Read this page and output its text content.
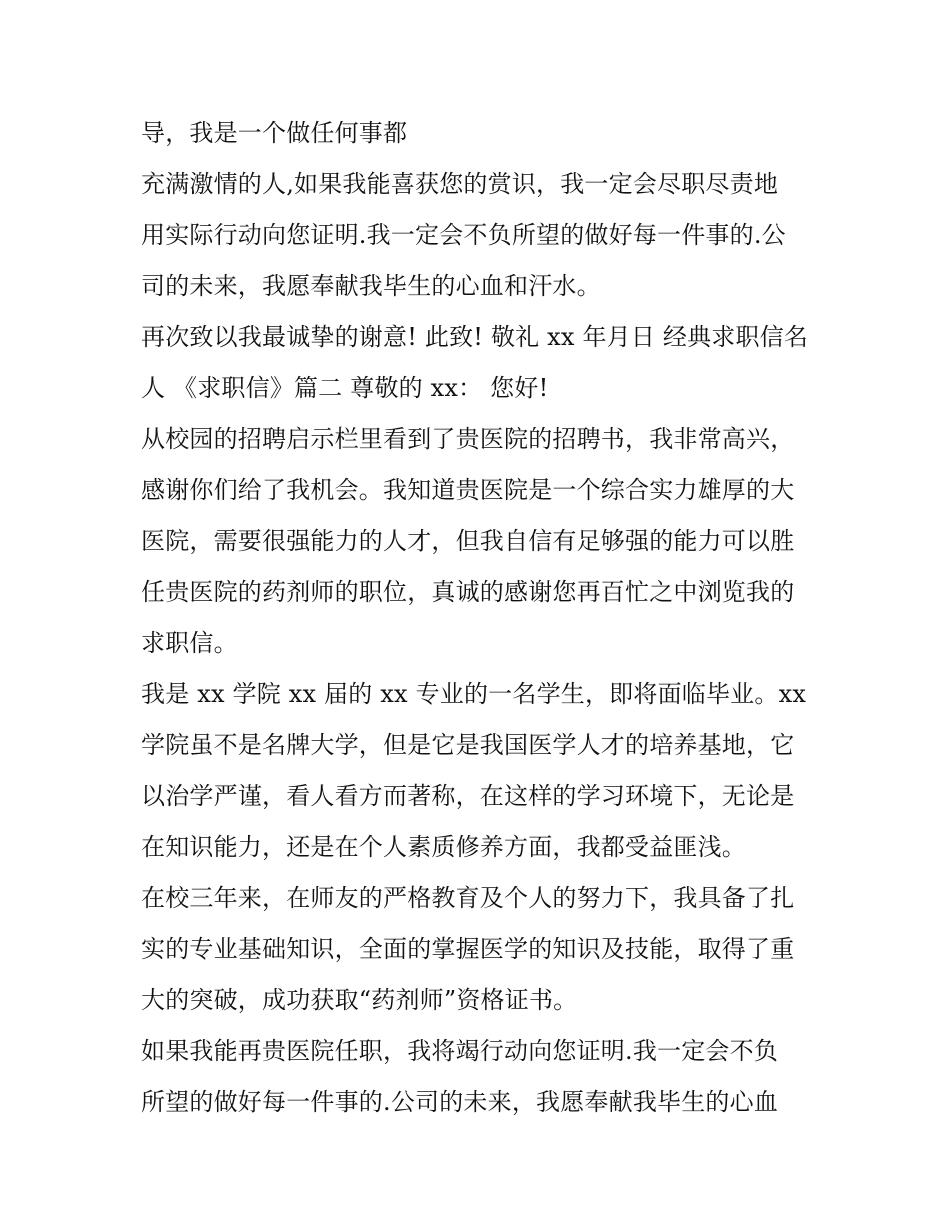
导，我是一个做任何事都
充满激情的人,如果我能喜获您的赏识，我一定会尽职尽责地
用实际行动向您证明.我一定会不负所望的做好每一件事的.公
司的未来，我愿奉献我毕生的心血和汗水。
再次致以我最诚挚的谢意! 此致! 敬礼 xx 年月日 经典求职信名
人 《求职信》篇二 尊敬的 xx： 您好!
从校园的招聘启示栏里看到了贵医院的招聘书，我非常高兴，
感谢你们给了我机会。我知道贵医院是一个综合实力雄厚的大
医院，需要很强能力的人才，但我自信有足够强的能力可以胜
任贵医院的药剂师的职位，真诚的感谢您再百忙之中浏览我的
求职信。
我是 xx 学院 xx 届的 xx 专业的一名学生，即将面临毕业。xx
学院虽不是名牌大学，但是它是我国医学人才的培养基地，它
以治学严谨，看人看方而著称，在这样的学习环境下，无论是
在知识能力，还是在个人素质修养方面，我都受益匪浅。
在校三年来，在师友的严格教育及个人的努力下，我具备了扎
实的专业基础知识，全面的掌握医学的知识及技能，取得了重
大的突破，成功获取“药剂师”资格证书。
如果我能再贵医院任职，我将竭行动向您证明.我一定会不负
所望的做好每一件事的.公司的未来，我愿奉献我毕生的心血
